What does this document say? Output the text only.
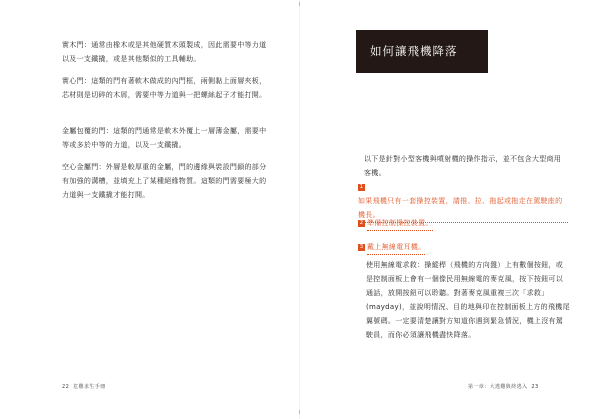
實木門：通常由橡木或是其他硬質木頭製成，因此需要中等力道以及一支鐵撬，或是其他類似的工具輔助。

實心門：這類的門有著軟木做成的內門框，兩側黏上面層夾板，芯材則是切碎的木屑，需要中等力道與一把螺絲起子才能打開。

金屬包覆的門：這類的門通常是軟木外覆上一層薄金屬，需要中等或多於中等的力道，以及一支鐵撬。

空心金屬門：外層是較厚重的金屬，門的邊緣與裝設門鎖的部分有加強的溝槽，並填充上了某種絕緣物質。這類的門需要極大的力道與一支鐵撬才能打開。

22 危難求生手冊
如何讓飛機降落

以下是針對小型客機與噴射機的操作指示，並不包含大型商用客機。

1如果飛機只有一套操控裝置，請推、拉、拖起或拖走在駕駛座的機長。

2 準備控制操控裝置。

3 戴上無線電耳機。

使用無線電求救：操縱桿（飛機的方向盤）上有數個按鈕，或是控制面板上會有一個像民用無線電的麥克風，按下按鈕可以通話，放開按鈕可以聆聽。對著麥克風重複三次「求救」(mayday)，並說明情況、目的地與印在控制面板上方的飛機尾翼號碼。一定要清楚讓對方知道你遇到緊急情況，機上沒有駕駛員，而你必須讓飛機盡快降落。

第一章：大逃難與終逃入 23
